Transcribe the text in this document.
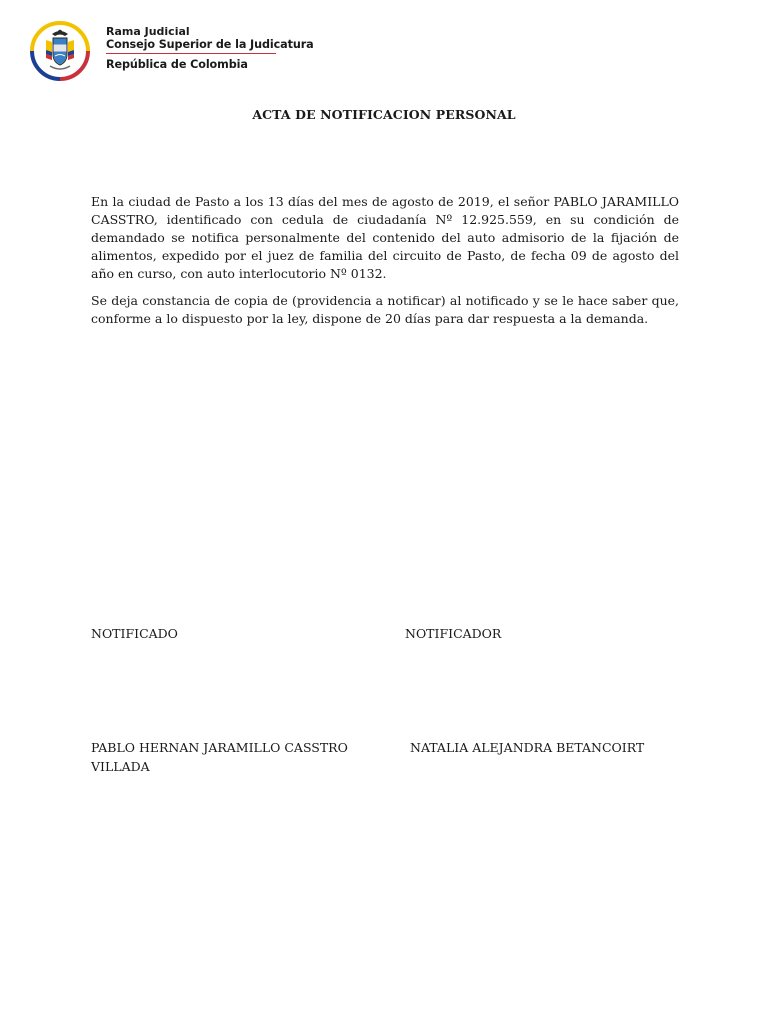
Rama Judicial
Consejo Superior de la Judicatura
República de Colombia
ACTA DE NOTIFICACION PERSONAL

En la ciudad de Pasto a los 13 días del mes de agosto de 2019, el señor PABLO JARAMILLO CASSTRO, identificado con cedula de ciudadanía Nº 12.925.559, en su condición de demandado se notifica personalmente del contenido del auto admisorio de la fijación de alimentos, expedido por el juez de familia del circuito de Pasto, de fecha 09 de agosto del año en curso, con auto interlocutorio Nº 0132.

Se deja constancia de copia de (providencia a notificar) al notificado y se le hace saber que, conforme a lo dispuesto por la ley, dispone de 20 días para dar respuesta a la demanda.

NOTIFICADO	NOTIFICADOR
PABLO HERNAN JARAMILLO CASSTRO VILLADA
NATALIA ALEJANDRA BETANCOIRT
